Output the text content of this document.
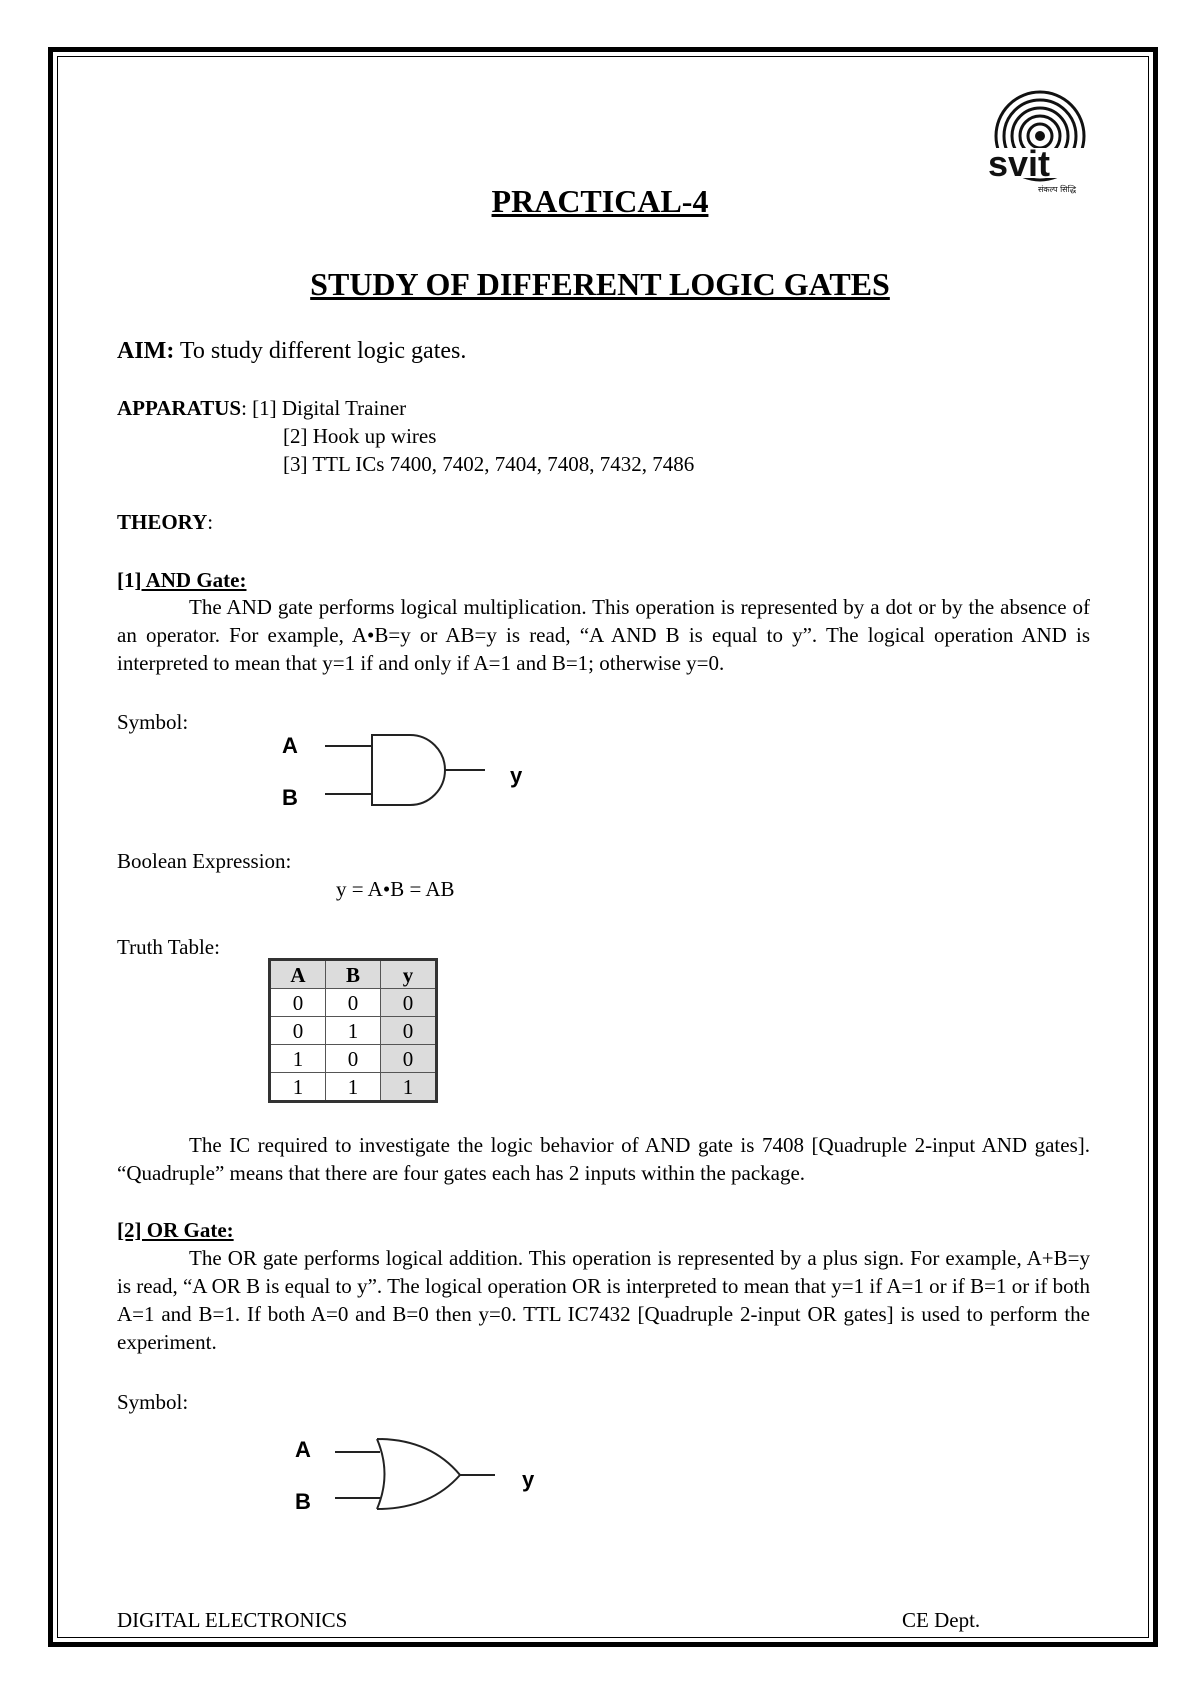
svit
संकल्प सिद्धि
PRACTICAL-4
STUDY OF DIFFERENT LOGIC GATES
AIM: To study different logic gates.
APPARATUS: [1] Digital Trainer
[2] Hook up wires
[3] TTL ICs 7400, 7402, 7404, 7408, 7432, 7486
THEORY:
[1] AND Gate:
The AND gate performs logical multiplication. This operation is represented by a dot or by the absence of an operator. For example, A•B=y or AB=y is read, “A AND B is equal to y”. The logical operation AND is interpreted to mean that y=1 if and only if A=1 and B=1; otherwise y=0.
Symbol:
A
B
y
Boolean Expression:
y = A•B = AB
Truth Table:
A	B	y
0	0	0
0	1	0
1	0	0
1	1	1
The IC required to investigate the logic behavior of AND gate is 7408 [Quadruple 2-input AND gates]. “Quadruple” means that there are four gates each has 2 inputs within the package.
[2] OR Gate:
The OR gate performs logical addition. This operation is represented by a plus sign. For example, A+B=y is read, “A OR B is equal to y”. The logical operation OR is interpreted to mean that y=1 if A=1 or if B=1 or if both A=1 and B=1. If both A=0 and B=0 then y=0. TTL IC7432 [Quadruple 2-input OR gates] is used to perform the experiment.
Symbol:
A
B
y
DIGITAL ELECTRONICS	CE Dept.
